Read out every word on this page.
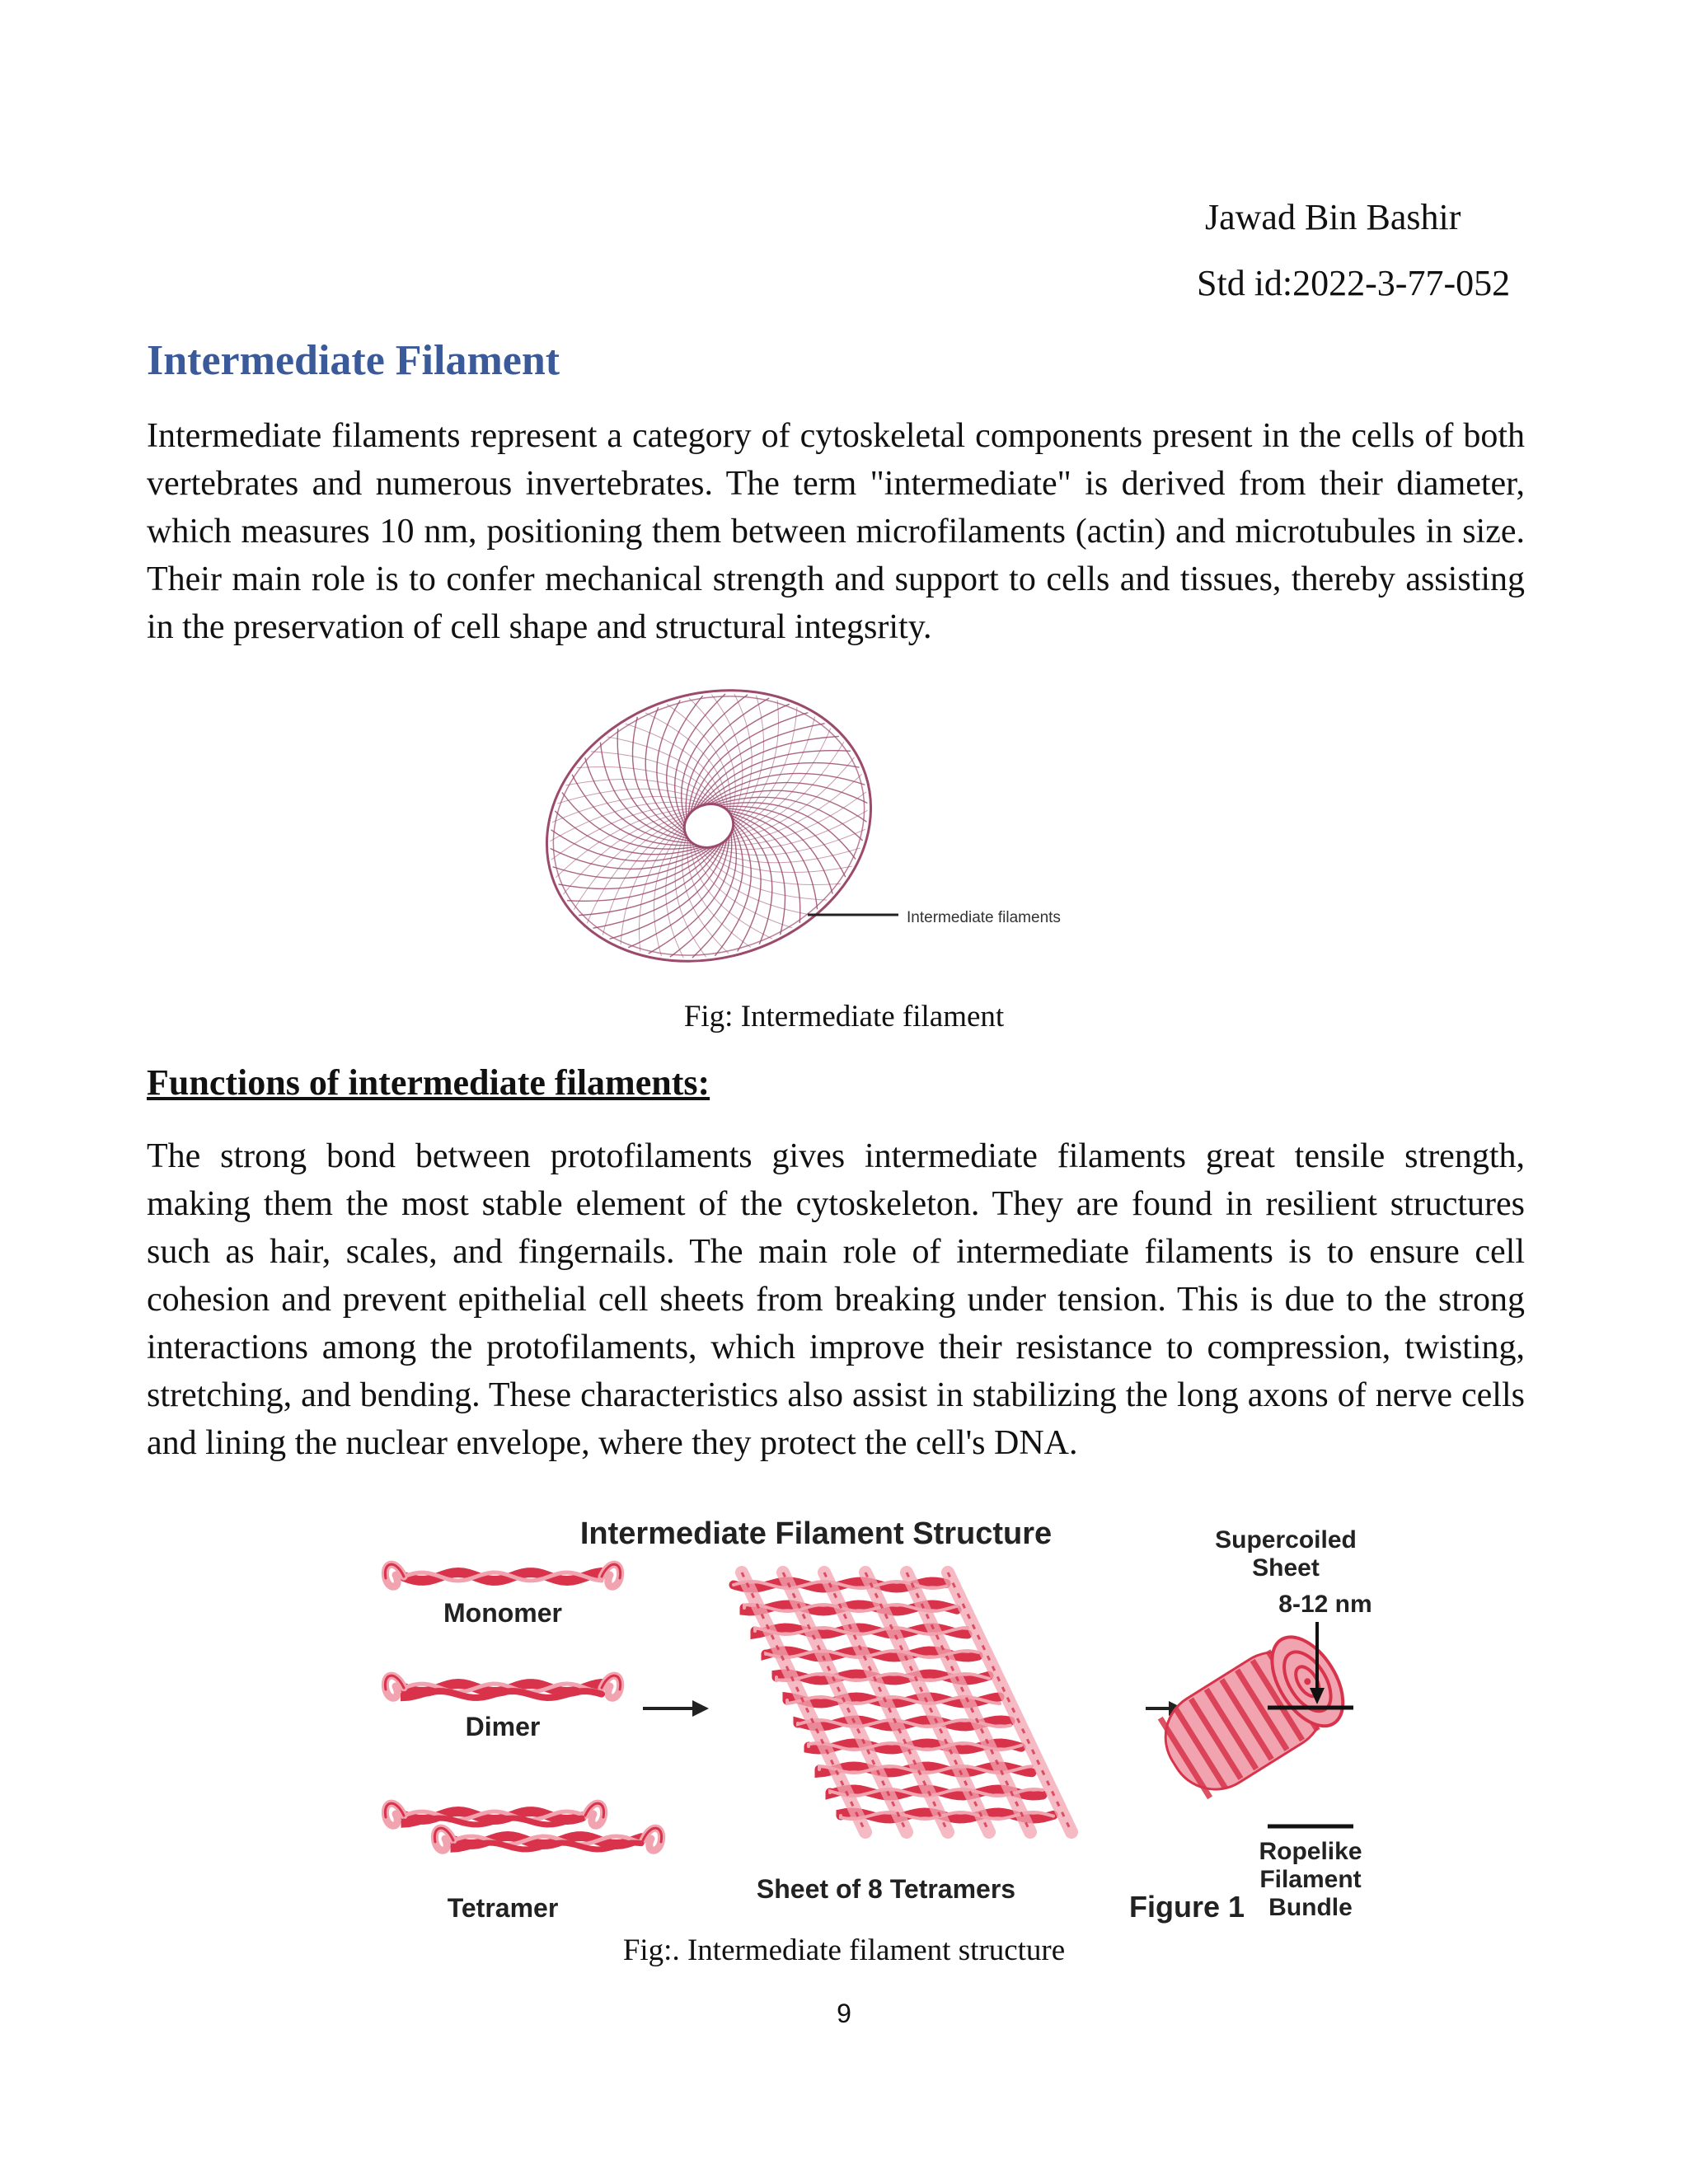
Jawad Bin Bashir
Std id:2022-3-77-052
Intermediate Filament
Intermediate filaments represent a category of cytoskeletal components present in the cells of both vertebrates and numerous invertebrates. The term "intermediate" is derived from their diameter, which measures 10 nm, positioning them between microfilaments (actin) and microtubules in size. Their main role is to confer mechanical strength and support to cells and tissues, thereby assisting in the preservation of cell shape and structural integsrity.
Intermediate filaments
Fig: Intermediate filament
Functions of intermediate filaments:
The strong bond between protofilaments gives intermediate filaments great tensile strength, making them the most stable element of the cytoskeleton. They are found in resilient structures such as hair, scales, and fingernails. The main role of intermediate filaments is to ensure cell cohesion and prevent epithelial cell sheets from breaking under tension. This is due to the strong interactions among the protofilaments, which improve their resistance to compression, twisting, stretching, and bending. These characteristics also assist in stabilizing the long axons of nerve cells and lining the nuclear envelope, where they protect the cell's DNA.
Intermediate Filament Structure
Monomer
Dimer
Tetramer
Sheet of 8 Tetramers
Supercoiled
Sheet
8-12 nm
Figure 1
Ropelike
Filament
Bundle
Fig:. Intermediate filament structure
9
